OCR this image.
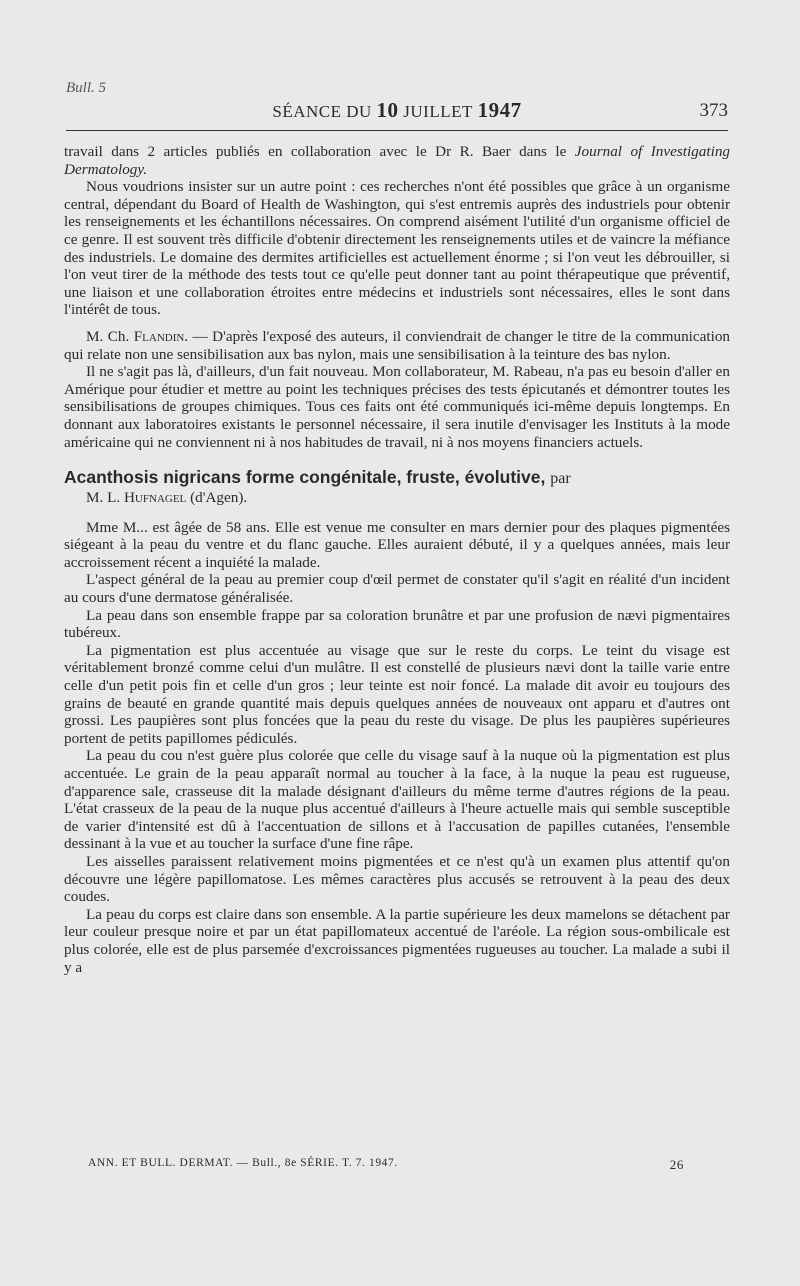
Bull. 5
SÉANCE DU 10 JUILLET 1947	373

travail dans 2 articles publiés en collaboration avec le Dr R. Baer dans le Journal of Investigating Dermatology.

Nous voudrions insister sur un autre point : ces recherches n'ont été possibles que grâce à un organisme central, dépendant du Board of Health de Washington, qui s'est entremis auprès des industriels pour obtenir les renseignements et les échantillons nécessaires. On comprend aisément l'utilité d'un organisme officiel de ce genre. Il est souvent très difficile d'obtenir directement les renseignements utiles et de vaincre la méfiance des industriels. Le domaine des dermites artificielles est actuellement énorme ; si l'on veut les débrouiller, si l'on veut tirer de la méthode des tests tout ce qu'elle peut donner tant au point thérapeutique que préventif, une liaison et une collaboration étroites entre médecins et industriels sont nécessaires, elles le sont dans l'intérêt de tous.

M. Ch. Flandin. — D'après l'exposé des auteurs, il conviendrait de changer le titre de la communication qui relate non une sensibilisation aux bas nylon, mais une sensibilisation à la teinture des bas nylon.

Il ne s'agit pas là, d'ailleurs, d'un fait nouveau. Mon collaborateur, M. Rabeau, n'a pas eu besoin d'aller en Amérique pour étudier et mettre au point les techniques précises des tests épicutanés et démontrer toutes les sensibilisations de groupes chimiques. Tous ces faits ont été communiqués ici-même depuis longtemps. En donnant aux laboratoires existants le personnel nécessaire, il sera inutile d'envisager les Instituts à la mode américaine qui ne conviennent ni à nos habitudes de travail, ni à nos moyens financiers actuels.

Acanthosis nigricans forme congénitale, fruste, évolutive, par
M. L. Hufnagel (d'Agen).

Mme M... est âgée de 58 ans. Elle est venue me consulter en mars dernier pour des plaques pigmentées siégeant à la peau du ventre et du flanc gauche. Elles auraient débuté, il y a quelques années, mais leur accroissement récent a inquiété la malade.

L'aspect général de la peau au premier coup d'œil permet de constater qu'il s'agit en réalité d'un incident au cours d'une dermatose généralisée.

La peau dans son ensemble frappe par sa coloration brunâtre et par une profusion de nævi pigmentaires tubéreux.

La pigmentation est plus accentuée au visage que sur le reste du corps. Le teint du visage est véritablement bronzé comme celui d'un mulâtre. Il est constellé de plusieurs nævi dont la taille varie entre celle d'un petit pois fin et celle d'un gros ; leur teinte est noir foncé. La malade dit avoir eu toujours des grains de beauté en grande quantité mais depuis quelques années de nouveaux ont apparu et d'autres ont grossi. Les paupières sont plus foncées que la peau du reste du visage. De plus les paupières supérieures portent de petits papillomes pédiculés.

La peau du cou n'est guère plus colorée que celle du visage sauf à la nuque où la pigmentation est plus accentuée. Le grain de la peau apparaît normal au toucher à la face, à la nuque la peau est rugueuse, d'apparence sale, crasseuse dit la malade désignant d'ailleurs du même terme d'autres régions de la peau. L'état crasseux de la peau de la nuque plus accentué d'ailleurs à l'heure actuelle mais qui semble susceptible de varier d'intensité est dû à l'accentuation de sillons et à l'accusation de papilles cutanées, l'ensemble dessinant à la vue et au toucher la surface d'une fine râpe.

Les aisselles paraissent relativement moins pigmentées et ce n'est qu'à un examen plus attentif qu'on découvre une légère papillomatose. Les mêmes caractères plus accusés se retrouvent à la peau des deux coudes.

La peau du corps est claire dans son ensemble. A la partie supérieure les deux mamelons se détachent par leur couleur presque noire et par un état papillomateux accentué de l'aréole. La région sous-ombilicale est plus colorée, elle est de plus parsemée d'excroissances pigmentées rugueuses au toucher. La malade a subi il y a

ANN. ET BULL. DERMAT. — Bull., 8e SÉRIE. T. 7. 1947.	26
